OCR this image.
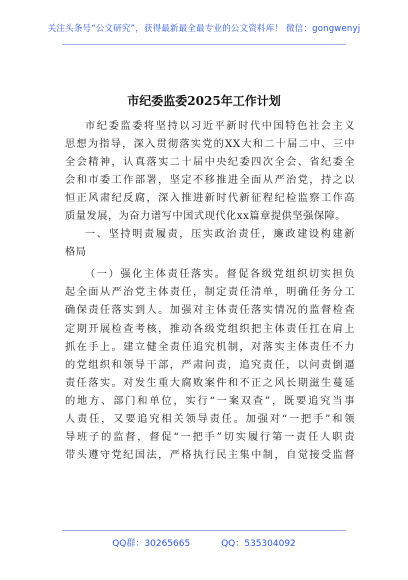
关注头条号“公文研究”，获得最新最全最专业的公文资料库！ 微信：gongwenyj
市纪委监委2025年工作计划
市纪委监委将坚持以习近平新时代中国特色社会主义
思想为指导，深入贯彻落实党的XX大和二十届二中、三中
全会精神，认真落实二十届中央纪委四次全会、省纪委全
会和市委工作部署，坚定不移推进全面从严治党，持之以
恒正风肃纪反腐，深入推进新时代新征程纪检监察工作高
质量发展，为奋力谱写中国式现代化xx篇章提供坚强保障。
一、坚持明责履责，压实政治责任，廉政建设构建新
格局
（一）强化主体责任落实。督促各级党组织切实担负
起全面从严治党主体责任，制定责任清单，明确任务分工
确保责任落实到人。加强对主体责任落实情况的监督检查
定期开展检查考核，推动各级党组织把主体责任扛在肩上
抓在手上。建立健全责任追究机制，对落实主体责任不力
的党组织和领导干部，严肃问责，追究责任，以问责倒逼
责任落实。对发生重大腐败案件和不正之风长期滋生蔓延
的地方、部门和单位，实行“一案双查”，既要追究当事
人责任，又要追究相关领导责任。加强对“一把手”和领
导班子的监督，督促“一把手”切实履行第一责任人职责
带头遵守党纪国法，严格执行民主集中制，自觉接受监督
QQ群：30265665	QQ：535304092
